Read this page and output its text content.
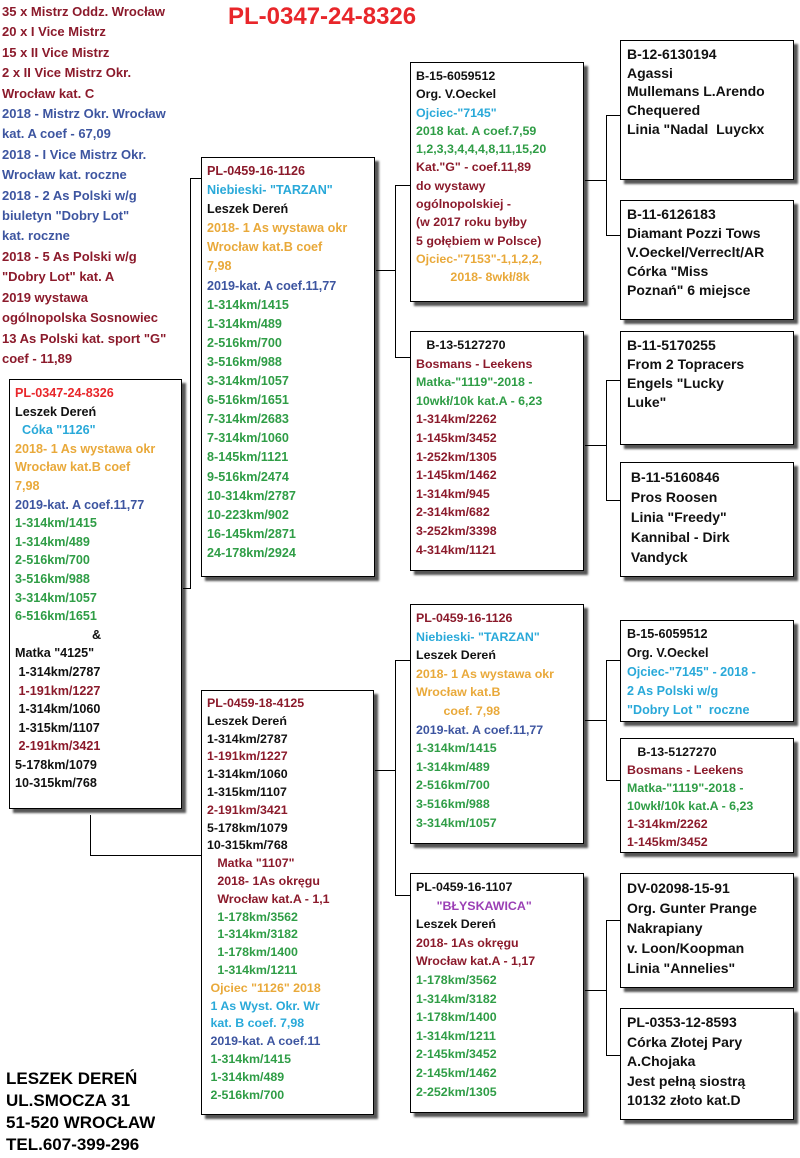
PL-0347-24-8326
35 x Mistrz Oddz. Wrocław
20 x I Vice Mistrz
15 x II Vice Mistrz
2 x II Vice Mistrz Okr.
Wrocław kat. C
2018 - Mistrz Okr. Wrocław
kat. A coef - 67,09
2018 - I Vice Mistrz Okr.
Wrocław kat. roczne
2018 - 2 As Polski w/g
biuletyn "Dobry Lot"
kat. roczne
2018 - 5 As Polski w/g
"Dobry Lot" kat. A
2019 wystawa
ogólnopolska Sosnowiec
13 As Polski kat. sport "G"
coef - 11,89
PL-0347-24-8326
Leszek Dereń
Cóka "1126"
2018- 1 As wystawa okr
Wrocław kat.B coef
7,98
2019-kat. A coef.11,77
1-314km/1415
1-314km/489
2-516km/700
3-516km/988
3-314km/1057
6-516km/1651
&
Matka "4125"
1-314km/2787
1-191km/1227
1-314km/1060
1-315km/1107
2-191km/3421
5-178km/1079
10-315km/768
PL-0459-16-1126
Niebieski- "TARZAN"
Leszek Dereń
2018- 1 As wystawa okr
Wrocław kat.B coef
7,98
2019-kat. A coef.11,77
1-314km/1415
1-314km/489
2-516km/700
3-516km/988
3-314km/1057
6-516km/1651
7-314km/2683
7-314km/1060
8-145km/1121
9-516km/2474
10-314km/2787
10-223km/902
16-145km/2871
24-178km/2924
PL-0459-18-4125
Leszek Dereń
1-314km/2787
1-191km/1227
1-314km/1060
1-315km/1107
2-191km/3421
5-178km/1079
10-315km/768
Matka "1107"
2018- 1As okręgu
Wrocław kat.A - 1,1
1-178km/3562
1-314km/3182
1-178km/1400
1-314km/1211
Ojciec "1126" 2018
1 As Wyst. Okr. Wr
kat. B coef. 7,98
2019-kat. A coef.11
1-314km/1415
1-314km/489
2-516km/700
B-15-6059512
Org. V.Oeckel
Ojciec-"7145"
2018 kat. A coef.7,59
1,2,3,3,4,4,4,8,11,15,20
Kat."G" - coef.11,89
do wystawy
ogólnopolskiej -
(w 2017 roku byłby
5 gołębiem w Polsce)
Ojciec-"7153"-1,1,2,2,
2018- 8wkł/8k
B-13-5127270
Bosmans - Leekens
Matka-"1119"-2018 -
10wkł/10k kat.A - 6,23
1-314km/2262
1-145km/3452
1-252km/1305
1-145km/1462
1-314km/945
2-314km/682
3-252km/3398
4-314km/1121
PL-0459-16-1126
Niebieski- "TARZAN"
Leszek Dereń
2018- 1 As wystawa okr
Wrocław kat.B
coef. 7,98
2019-kat. A coef.11,77
1-314km/1415
1-314km/489
2-516km/700
3-516km/988
3-314km/1057
PL-0459-16-1107
"BŁYSKAWICA"
Leszek Dereń
2018- 1As okręgu
Wrocław kat.A - 1,17
1-178km/3562
1-314km/3182
1-178km/1400
1-314km/1211
2-145km/3452
2-145km/1462
2-252km/1305
B-12-6130194
Agassi
Mullemans L.Arendo
Chequered
Linia "Nadal  Luyckx
B-11-6126183
Diamant Pozzi Tows
V.Oeckel/Verreclt/AR
Córka "Miss
Poznań" 6 miejsce
B-11-5170255
From 2 Topracers
Engels "Lucky
Luke"
B-11-5160846
Pros Roosen
Linia "Freedy"
Kannibal - Dirk
Vandyck
B-15-6059512
Org. V.Oeckel
Ojciec-"7145" - 2018 -
2 As Polski w/g
"Dobry Lot "  roczne
B-13-5127270
Bosmans - Leekens
Matka-"1119"-2018 -
10wkł/10k kat.A - 6,23
1-314km/2262
1-145km/3452
DV-02098-15-91
Org. Gunter Prange
Nakrapiany
v. Loon/Koopman
Linia "Annelies"
PL-0353-12-8593
Córka Złotej Pary
A.Chojaka
Jest pełną siostrą
10132 złoto kat.D
LESZEK DEREŃ
UL.SMOCZA 31
51-520 WROCŁAW
TEL.607-399-296
